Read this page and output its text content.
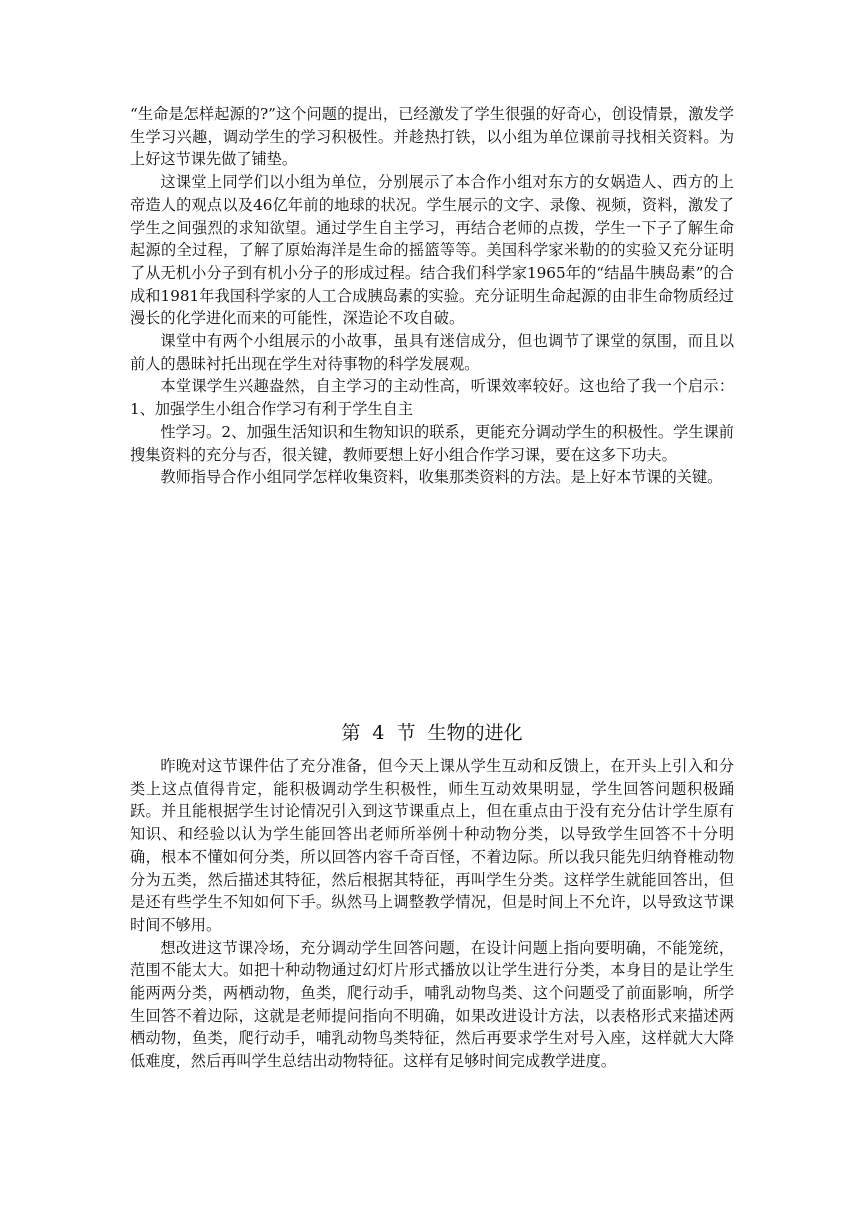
“生命是怎样起源的?”这个问题的提出，已经激发了学生很强的好奇心，创设情景，激发学生学习兴趣，调动学生的学习积极性。并趁热打铁，以小组为单位课前寻找相关资料。为上好这节课先做了铺垫。

这课堂上同学们以小组为单位，分别展示了本合作小组对东方的女娲造人、西方的上帝造人的观点以及46亿年前的地球的状况。学生展示的文字、录像、视频，资料，激发了学生之间强烈的求知欲望。通过学生自主学习，再结合老师的点拨，学生一下子了解生命起源的全过程，了解了原始海洋是生命的摇篮等等。美国科学家米勒的的实验又充分证明了从无机小分子到有机小分子的形成过程。结合我们科学家1965年的“结晶牛胰岛素”的合成和1981年我国科学家的人工合成胰岛素的实验。充分证明生命起源的由非生命物质经过漫长的化学进化而来的可能性，深造论不攻自破。

课堂中有两个小组展示的小故事，虽具有迷信成分，但也调节了课堂的氛围，而且以前人的愚昧衬托出现在学生对待事物的科学发展观。

本堂课学生兴趣盎然，自主学习的主动性高，听课效率较好。这也给了我一个启示：1、加强学生小组合作学习有利于学生自主

性学习。2、加强生活知识和生物知识的联系，更能充分调动学生的积极性。学生课前搜集资料的充分与否，很关键，教师要想上好小组合作学习课，要在这多下功夫。

教师指导合作小组同学怎样收集资料，收集那类资料的方法。是上好本节课的关键。

第  4  节  生物的进化

昨晚对这节课件估了充分准备，但今天上课从学生互动和反馈上，在开头上引入和分类上这点值得肯定，能积极调动学生积极性，师生互动效果明显，学生回答问题积极踊跃。并且能根据学生讨论情况引入到这节课重点上，但在重点由于没有充分估计学生原有知识、和经验以认为学生能回答出老师所举例十种动物分类，以导致学生回答不十分明确，根本不懂如何分类，所以回答内容千奇百怪，不着边际。所以我只能先归纳脊椎动物分为五类，然后描述其特征，然后根据其特征，再叫学生分类。这样学生就能回答出，但是还有些学生不知如何下手。纵然马上调整教学情况，但是时间上不允许，以导致这节课时间不够用。

想改进这节课冷场，充分调动学生回答问题，在设计问题上指向要明确，不能笼统，范围不能太大。如把十种动物通过幻灯片形式播放以让学生进行分类，本身目的是让学生能两两分类，两栖动物，鱼类，爬行动手，哺乳动物鸟类、这个问题受了前面影响，所学生回答不着边际，这就是老师提问指向不明确，如果改进设计方法，以表格形式来描述两栖动物，鱼类，爬行动手，哺乳动物鸟类特征，然后再要求学生对号入座，这样就大大降低难度，然后再叫学生总结出动物特征。这样有足够时间完成教学进度。
